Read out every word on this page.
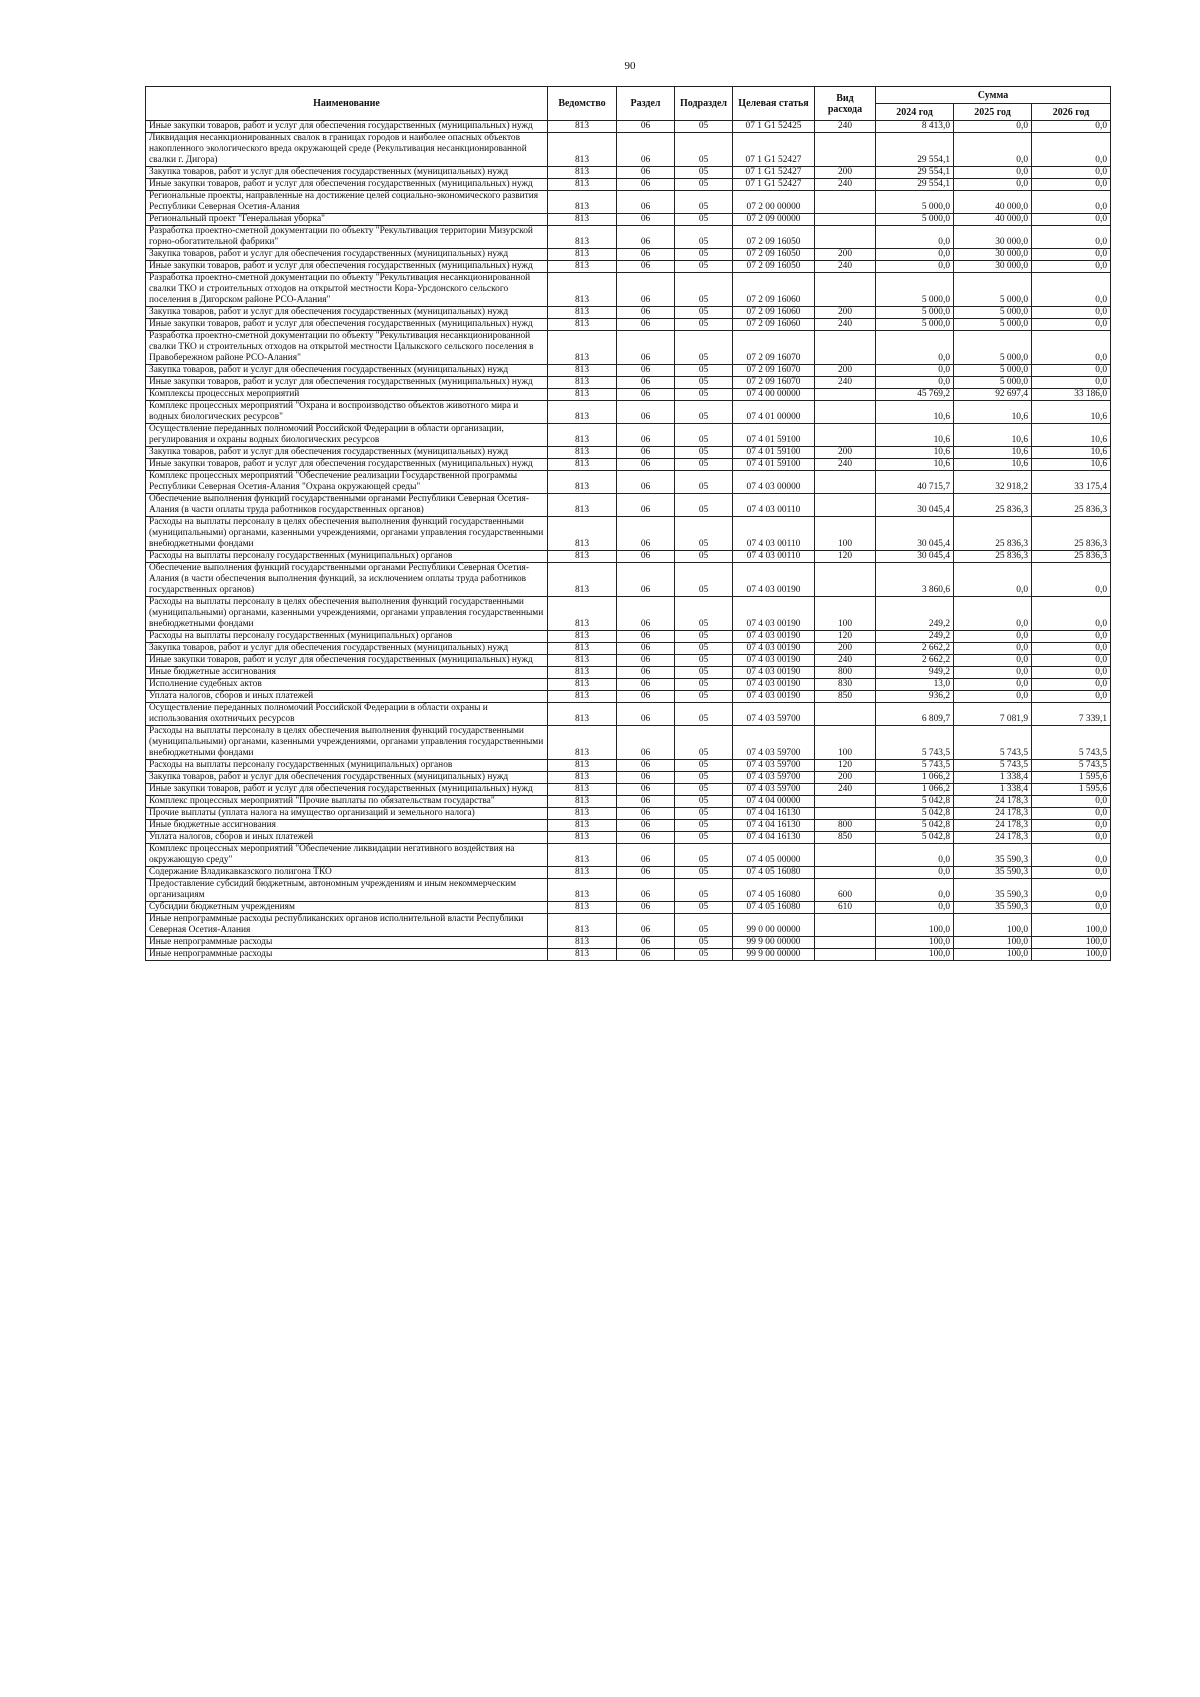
90
Наименование	Ведомство	Раздел	Подраздел	Целевая статья	Вид расхода	Сумма		
						2024 год	2025 год	2026 год
Иные закупки товаров, работ и услуг для обеспечения государственных (муниципальных) нужд	813	06	05	07 1 G1 52425	240	8 413,0	0,0	0,0
Ликвидация несанкционированных свалок в границах городов и наиболее опасных объектов накопленного экологического вреда окружающей среде (Рекультивация несанкционированной свалки г. Дигора)	813	06	05	07 1 G1 52427		29 554,1	0,0	0,0
Закупка товаров, работ и услуг для обеспечения государственных (муниципальных) нужд	813	06	05	07 1 G1 52427	200	29 554,1	0,0	0,0
Иные закупки товаров, работ и услуг для обеспечения государственных (муниципальных) нужд	813	06	05	07 1 G1 52427	240	29 554,1	0,0	0,0
Региональные проекты, направленные на достижение целей социально-экономического развития Республики Северная Осетия-Алания	813	06	05	07 2 00 00000		5 000,0	40 000,0	0,0
Региональный проект "Генеральная уборка"	813	06	05	07 2 09 00000		5 000,0	40 000,0	0,0
Разработка проектно-сметной документации по объекту "Рекультивация территории Мизурской горно-обогатительной фабрики"	813	06	05	07 2 09 16050		0,0	30 000,0	0,0
Закупка товаров, работ и услуг для обеспечения государственных (муниципальных) нужд	813	06	05	07 2 09 16050	200	0,0	30 000,0	0,0
Иные закупки товаров, работ и услуг для обеспечения государственных (муниципальных) нужд	813	06	05	07 2 09 16050	240	0,0	30 000,0	0,0
Разработка проектно-сметной документации по объекту "Рекультивация несанкционированной свалки ТКО и строительных отходов на открытой местности Кора-Урсдонского сельского поселения в Дигорском районе РСО-Алания"	813	06	05	07 2 09 16060		5 000,0	5 000,0	0,0
Закупка товаров, работ и услуг для обеспечения государственных (муниципальных) нужд	813	06	05	07 2 09 16060	200	5 000,0	5 000,0	0,0
Иные закупки товаров, работ и услуг для обеспечения государственных (муниципальных) нужд	813	06	05	07 2 09 16060	240	5 000,0	5 000,0	0,0
Разработка проектно-сметной документации по объекту "Рекультивация несанкционированной свалки ТКО и строительных отходов на открытой местности Цалыкского сельского поселения в Правобережном районе РСО-Алания"	813	06	05	07 2 09 16070		0,0	5 000,0	0,0
Закупка товаров, работ и услуг для обеспечения государственных (муниципальных) нужд	813	06	05	07 2 09 16070	200	0,0	5 000,0	0,0
Иные закупки товаров, работ и услуг для обеспечения государственных (муниципальных) нужд	813	06	05	07 2 09 16070	240	0,0	5 000,0	0,0
Комплексы процессных мероприятий	813	06	05	07 4 00 00000		45 769,2	92 697,4	33 186,0
Комплекс процессных мероприятий "Охрана и воспроизводство объектов животного мира и водных биологических ресурсов"	813	06	05	07 4 01 00000		10,6	10,6	10,6
Осуществление переданных полномочий Российской Федерации в области организации, регулирования и охраны водных биологических ресурсов	813	06	05	07 4 01 59100		10,6	10,6	10,6
Закупка товаров, работ и услуг для обеспечения государственных (муниципальных) нужд	813	06	05	07 4 01 59100	200	10,6	10,6	10,6
Иные закупки товаров, работ и услуг для обеспечения государственных (муниципальных) нужд	813	06	05	07 4 01 59100	240	10,6	10,6	10,6
Комплекс процессных мероприятий "Обеспечение реализации Государственной программы Республики Северная Осетия-Алания "Охрана окружающей среды"	813	06	05	07 4 03 00000		40 715,7	32 918,2	33 175,4
Обеспечение выполнения функций государственными органами Республики Северная Осетия-Алания (в части оплаты труда работников государственных органов)	813	06	05	07 4 03 00110		30 045,4	25 836,3	25 836,3
Расходы на выплаты персоналу в целях обеспечения выполнения функций государственными (муниципальными) органами, казенными учреждениями, органами управления государственными внебюджетными фондами	813	06	05	07 4 03 00110	100	30 045,4	25 836,3	25 836,3
Расходы на выплаты персоналу государственных (муниципальных) органов	813	06	05	07 4 03 00110	120	30 045,4	25 836,3	25 836,3
Обеспечение выполнения функций государственными органами Республики Северная Осетия-Алания (в части обеспечения выполнения функций, за исключением оплаты труда работников государственных органов)	813	06	05	07 4 03 00190		3 860,6	0,0	0,0
Расходы на выплаты персоналу в целях обеспечения выполнения функций государственными (муниципальными) органами, казенными учреждениями, органами управления государственными внебюджетными фондами	813	06	05	07 4 03 00190	100	249,2	0,0	0,0
Расходы на выплаты персоналу государственных (муниципальных) органов	813	06	05	07 4 03 00190	120	249,2	0,0	0,0
Закупка товаров, работ и услуг для обеспечения государственных (муниципальных) нужд	813	06	05	07 4 03 00190	200	2 662,2	0,0	0,0
Иные закупки товаров, работ и услуг для обеспечения государственных (муниципальных) нужд	813	06	05	07 4 03 00190	240	2 662,2	0,0	0,0
Иные бюджетные ассигнования	813	06	05	07 4 03 00190	800	949,2	0,0	0,0
Исполнение судебных актов	813	06	05	07 4 03 00190	830	13,0	0,0	0,0
Уплата налогов, сборов и иных платежей	813	06	05	07 4 03 00190	850	936,2	0,0	0,0
Осуществление переданных полномочий Российской Федерации в области охраны и использования охотничьих ресурсов	813	06	05	07 4 03 59700		6 809,7	7 081,9	7 339,1
Расходы на выплаты персоналу в целях обеспечения выполнения функций государственными (муниципальными) органами, казенными учреждениями, органами управления государственными внебюджетными фондами	813	06	05	07 4 03 59700	100	5 743,5	5 743,5	5 743,5
Расходы на выплаты персоналу государственных (муниципальных) органов	813	06	05	07 4 03 59700	120	5 743,5	5 743,5	5 743,5
Закупка товаров, работ и услуг для обеспечения государственных (муниципальных) нужд	813	06	05	07 4 03 59700	200	1 066,2	1 338,4	1 595,6
Иные закупки товаров, работ и услуг для обеспечения государственных (муниципальных) нужд	813	06	05	07 4 03 59700	240	1 066,2	1 338,4	1 595,6
Комплекс процессных мероприятий "Прочие выплаты по обязательствам государства"	813	06	05	07 4 04 00000		5 042,8	24 178,3	0,0
Прочие выплаты (уплата налога на имущество организаций и земельного налога)	813	06	05	07 4 04 16130		5 042,8	24 178,3	0,0
Иные бюджетные ассигнования	813	06	05	07 4 04 16130	800	5 042,8	24 178,3	0,0
Уплата налогов, сборов и иных платежей	813	06	05	07 4 04 16130	850	5 042,8	24 178,3	0,0
Комплекс процессных мероприятий "Обеспечение ликвидации негативного воздействия на окружающую среду"	813	06	05	07 4 05 00000		0,0	35 590,3	0,0
Содержание Владикавказского полигона ТКО	813	06	05	07 4 05 16080		0,0	35 590,3	0,0
Предоставление субсидий бюджетным, автономным учреждениям и иным некоммерческим организациям	813	06	05	07 4 05 16080	600	0,0	35 590,3	0,0
Субсидии бюджетным учреждениям	813	06	05	07 4 05 16080	610	0,0	35 590,3	0,0
Иные непрограммные расходы республиканских органов исполнительной власти Республики Северная Осетия-Алания	813	06	05	99 0 00 00000		100,0	100,0	100,0
Иные непрограммные расходы	813	06	05	99 9 00 00000		100,0	100,0	100,0
Иные непрограммные расходы	813	06	05	99 9 00 00000		100,0	100,0	100,0
